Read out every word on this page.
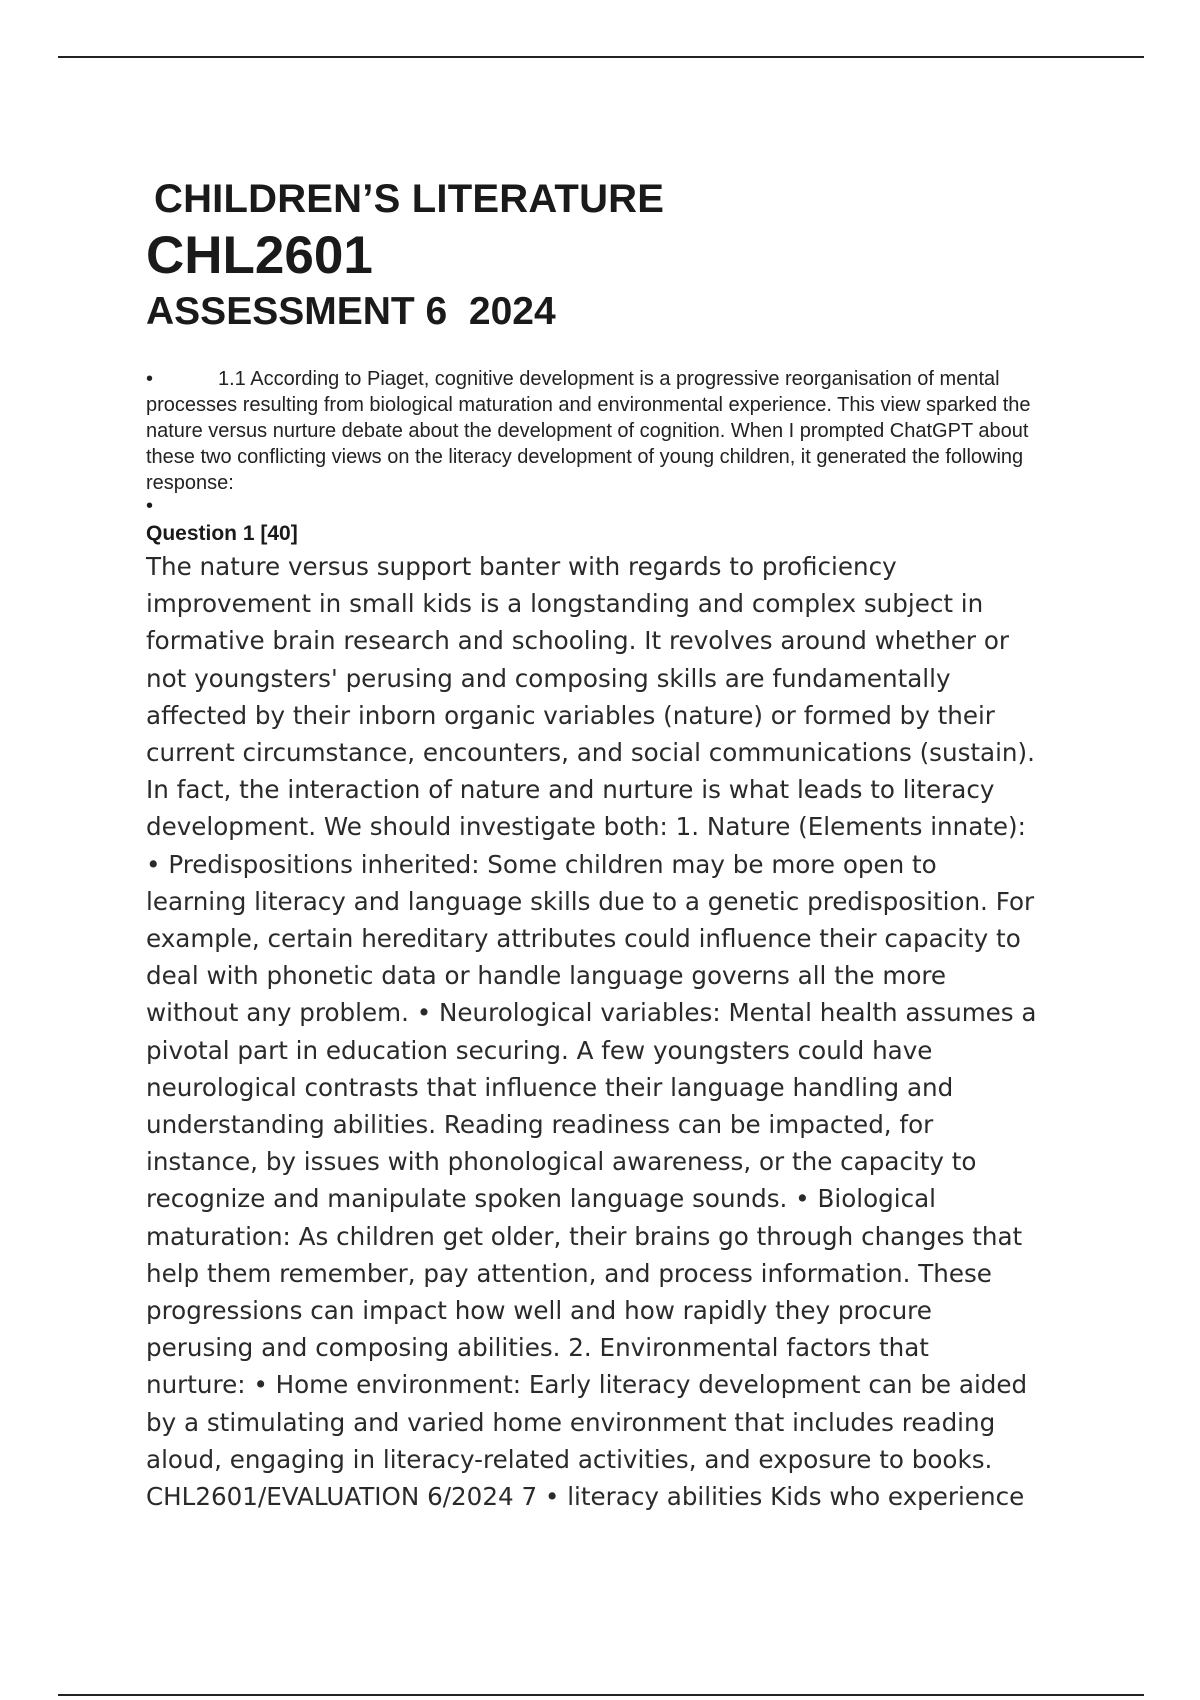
CHILDREN’S LITERATURE
CHL2601
ASSESSMENT 6  2024

•	1.1 According to Piaget, cognitive development is a progressive reorganisation of mental processes resulting from biological maturation and environmental experience. This view sparked the nature versus nurture debate about the development of cognition. When I prompted ChatGPT about these two conflicting views on the literacy development of young children, it generated the following response:

•
Question 1 [40]
The nature versus support banter with regards to proficiency
improvement in small kids is a longstanding and complex subject in
formative brain research and schooling. It revolves around whether or
not youngsters' perusing and composing skills are fundamentally
affected by their inborn organic variables (nature) or formed by their
current circumstance, encounters, and social communications (sustain).
In fact, the interaction of nature and nurture is what leads to literacy
development. We should investigate both: 1. Nature (Elements innate):
• Predispositions inherited: Some children may be more open to
learning literacy and language skills due to a genetic predisposition. For
example, certain hereditary attributes could influence their capacity to
deal with phonetic data or handle language governs all the more
without any problem. • Neurological variables: Mental health assumes a
pivotal part in education securing. A few youngsters could have
neurological contrasts that influence their language handling and
understanding abilities. Reading readiness can be impacted, for
instance, by issues with phonological awareness, or the capacity to
recognize and manipulate spoken language sounds. • Biological
maturation: As children get older, their brains go through changes that
help them remember, pay attention, and process information. These
progressions can impact how well and how rapidly they procure
perusing and composing abilities. 2. Environmental factors that
nurture: • Home environment: Early literacy development can be aided
by a stimulating and varied home environment that includes reading
aloud, engaging in literacy-related activities, and exposure to books.
CHL2601/EVALUATION 6/2024 7 • literacy abilities Kids who experience
